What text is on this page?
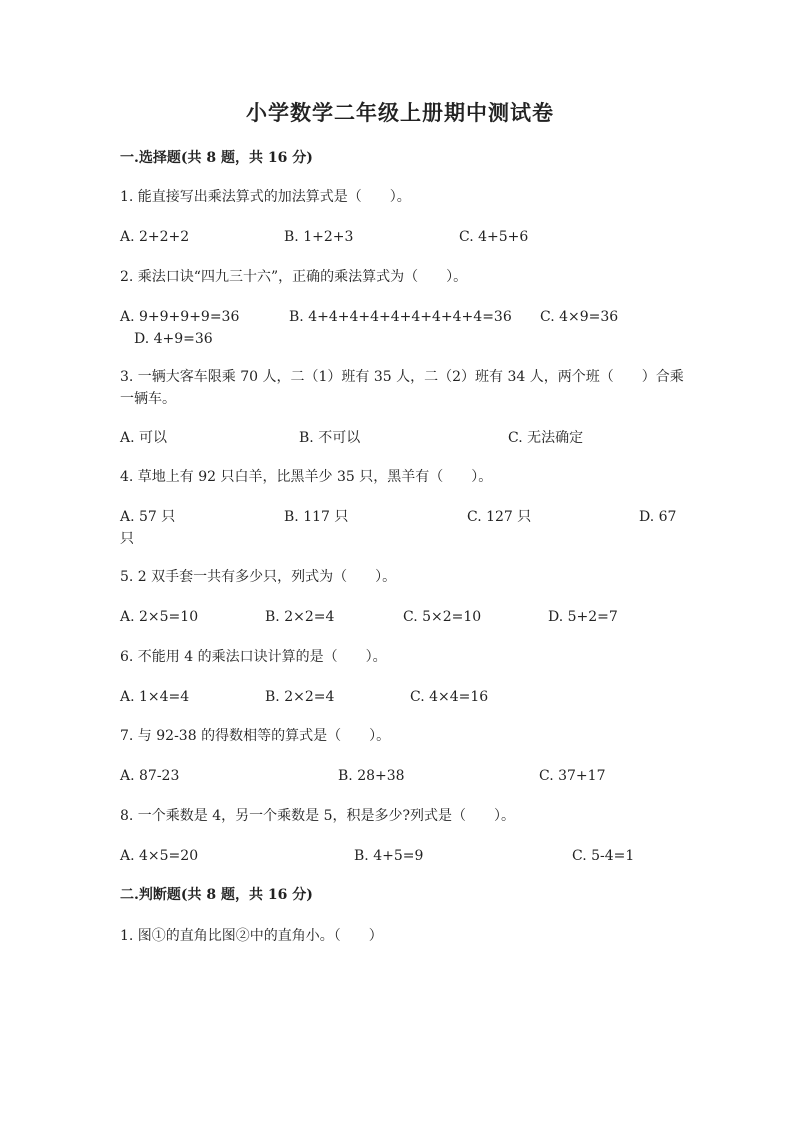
小学数学二年级上册期中测试卷
一.选择题(共 8 题，共 16 分)
1. 能直接写出乘法算式的加法算式是（　　）。
A. 2+2+2	B. 1+2+3	C. 4+5+6
2. 乘法口诀“四九三十六”，正确的乘法算式为（　　）。
A. 9+9+9+9=36	B. 4+4+4+4+4+4+4+4+4=36 C. 4×9=36
D. 4+9=36
3. 一辆大客车限乘 70 人，二（1）班有 35 人，二（2）班有 34 人，两个班（　　）合乘一辆车。
A. 可以	B. 不可以	C. 无法确定
4. 草地上有 92 只白羊，比黑羊少 35 只，黑羊有（　　）。
A. 57 只	B. 117 只	C. 127 只	D. 67
只
5. 2 双手套一共有多少只，列式为（　　）。
A. 2×5=10	B. 2×2=4	C. 5×2=10	D. 5+2=7
6. 不能用 4 的乘法口诀计算的是（　　）。
A. 1×4=4	B. 2×2=4	C. 4×4=16
7. 与 92-38 的得数相等的算式是（　　）。
A. 87-23	B. 28+38	C. 37+17
8. 一个乘数是 4，另一个乘数是 5，积是多少?列式是（　　）。
A. 4×5=20	B. 4+5=9	C. 5-4=1
二.判断题(共 8 题，共 16 分)
1. 图①的直角比图②中的直角小。（　　）
